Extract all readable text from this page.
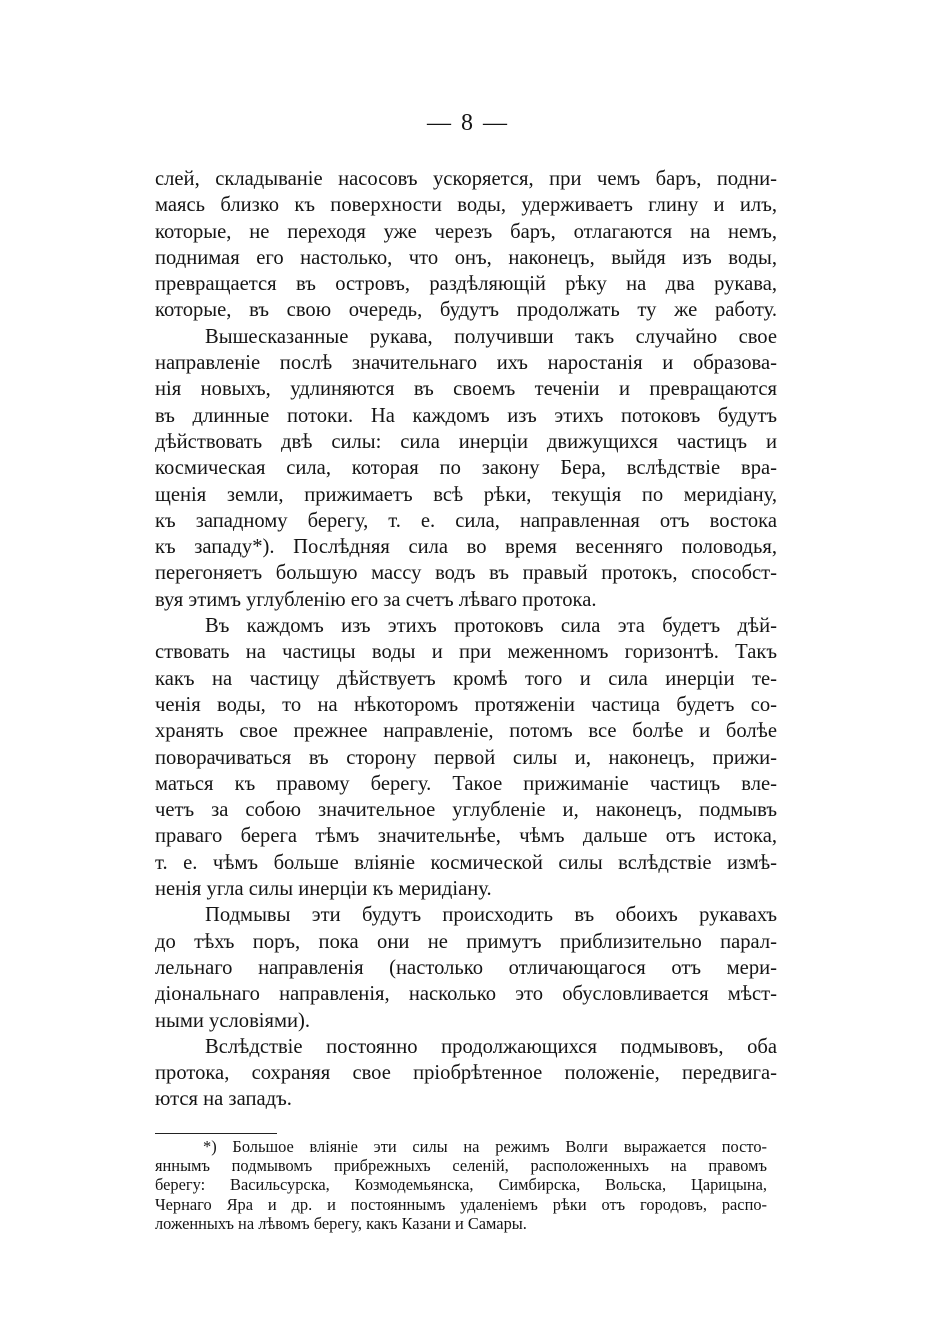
— 8 —

слей, складываніе насосовъ ускоряется, при чемъ баръ, подни-
маясь близко къ поверхности воды, удерживаетъ глину и илъ,
которые, не переходя уже черезъ баръ, отлагаются на немъ,
поднимая его настолько, что онъ, наконецъ, выйдя изъ воды,
превращается въ островъ, раздѣляющій рѣку на два рукава,
которые, въ свою очередь, будутъ продолжать ту же работу.

Вышесказанные рукава, получивши такъ случайно свое
направленіе послѣ значительнаго ихъ наростанія и образова-
нія новыхъ, удлиняются въ своемъ теченіи и превращаются
въ длинные потоки. На каждомъ изъ этихъ потоковъ будутъ
дѣйствовать двѣ силы: сила инерціи движущихся частицъ и
космическая сила, которая по закону Бера, вслѣдствіе вра-
щенія земли, прижимаетъ всѣ рѣки, текущія по меридіану,
къ западному берегу, т. е. сила, направленная отъ востока
къ западу*). Послѣдняя сила во время весенняго половодья,
перегоняетъ большую массу водъ въ правый протокъ, способст-
вуя этимъ углубленію его за счетъ лѣваго протока.

Въ каждомъ изъ этихъ протоковъ сила эта будетъ дѣй-
ствовать на частицы воды и при меженномъ горизонтѣ. Такъ
какъ на частицу дѣйствуетъ кромѣ того и сила инерціи те-
ченія воды, то на нѣкоторомъ протяженіи частица будетъ со-
хранять свое прежнее направленіе, потомъ все болѣе и болѣе
поворачиваться въ сторону первой силы и, наконецъ, прижи-
маться къ правому берегу. Такое прижиманіе частицъ вле-
четъ за собою значительное углубленіе и, наконецъ, подмывъ
праваго берега тѣмъ значительнѣе, чѣмъ дальше отъ истока,
т. е. чѣмъ больше вліяніе космической силы вслѣдствіе измѣ-
ненія угла силы инерціи къ меридіану.

Подмывы эти будутъ происходить въ обоихъ рукавахъ
до тѣхъ поръ, пока они не примутъ приблизительно парал-
лельнаго направленія (настолько отличающагося отъ мери-
діональнаго направленія, насколько это обусловливается мѣст-
ными условіями).

Вслѣдствіе постоянно продолжающихся подмывовъ, оба
протока, сохраняя свое пріобрѣтенное положеніе, передвига-
ются на западъ.

*) Большое вліяніе эти силы на режимъ Волги выражается посто-
яннымъ подмывомъ прибрежныхъ селеній, расположенныхъ на правомъ
берегу: Васильсурска, Козмодемьянска, Симбирска, Вольска, Царицына,
Чернаго Яра и др. и постояннымъ удаленіемъ рѣки отъ городовъ, распо-
ложенныхъ на лѣвомъ берегу, какъ Казани и Самары.
